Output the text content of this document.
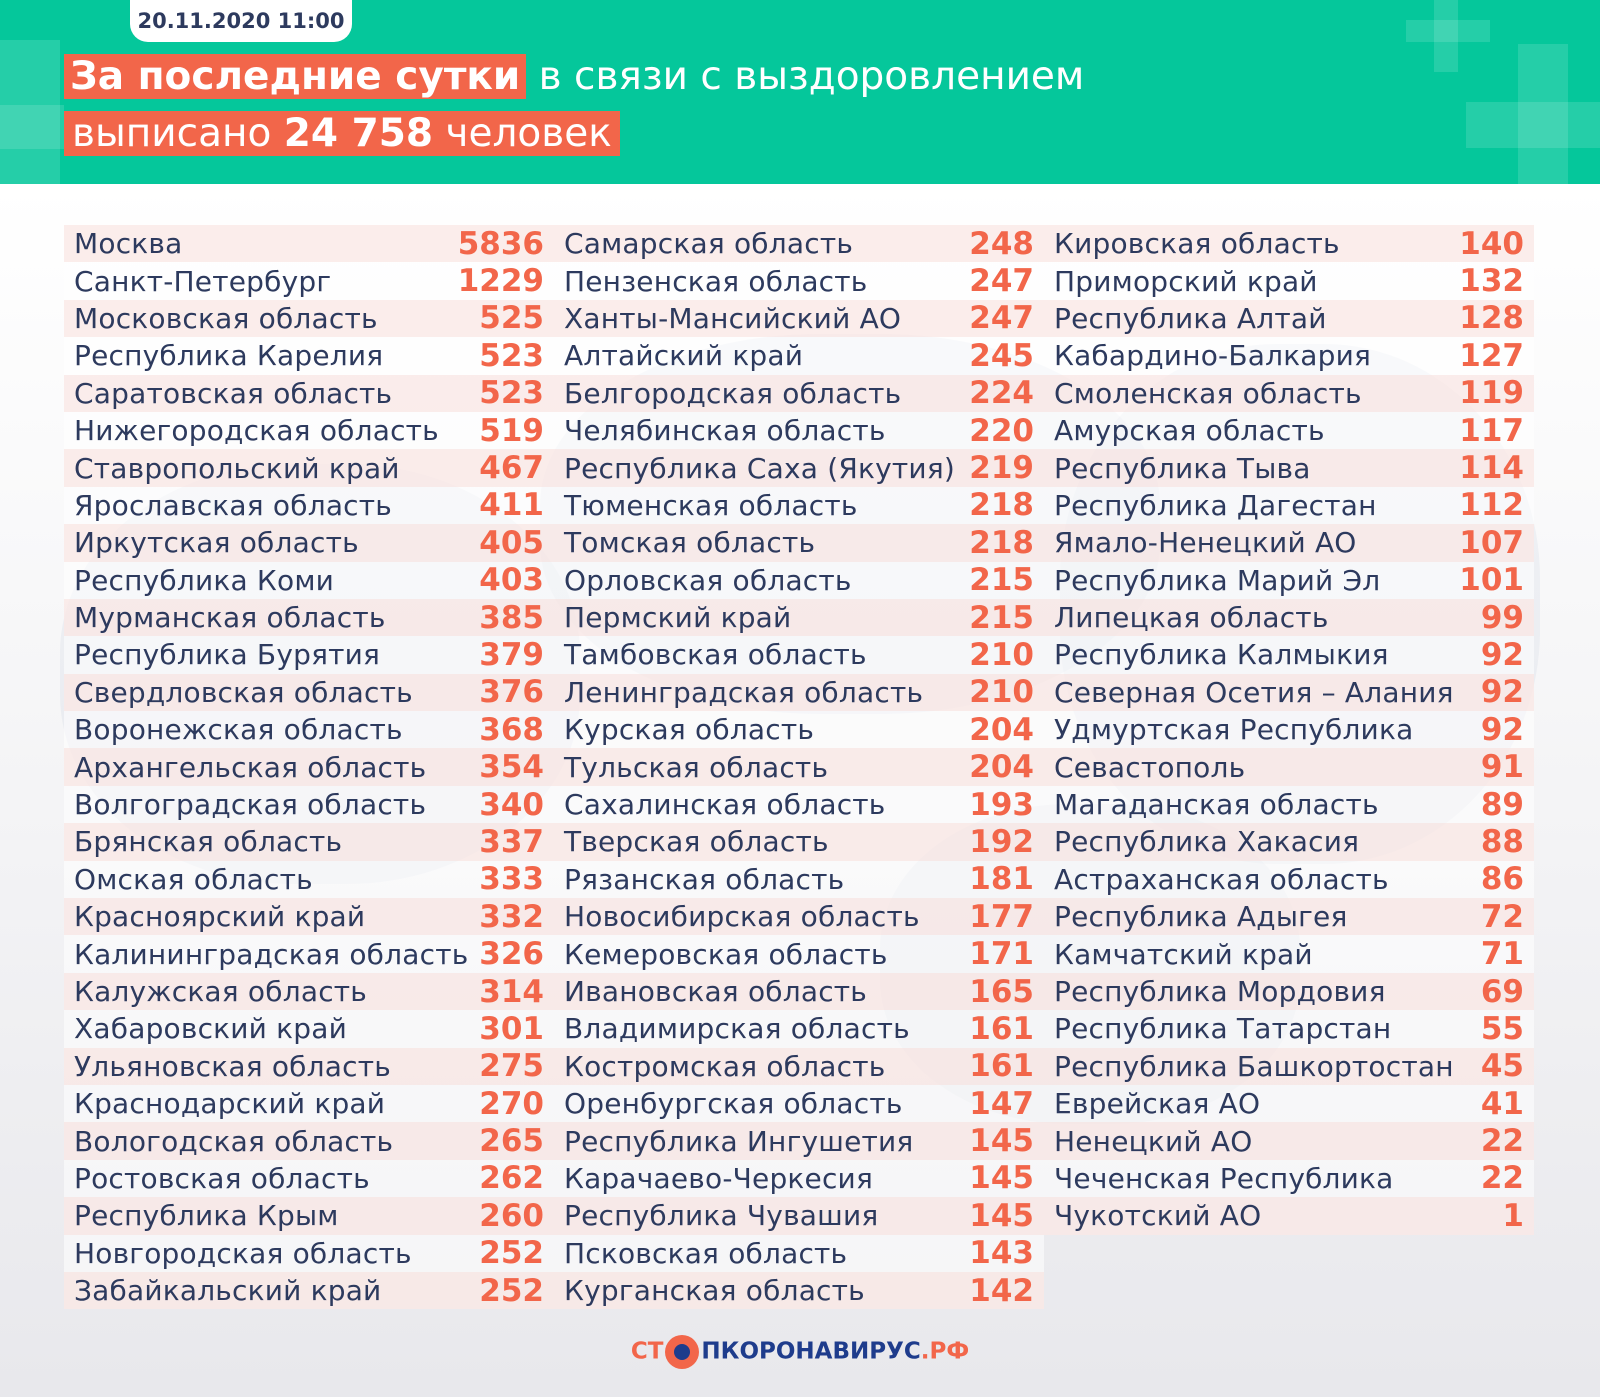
20.11.2020 11:00
За последние сутки в связи с выздоровлением
выписано 24 758 человек
Москва	5836
Санкт-Петербург	1229
Московская область	525
Республика Карелия	523
Саратовская область	523
Нижегородская область 519
Ставропольский край	467
Ярославская область	411
Иркутская область	405
Республика Коми	403
Мурманская область	385
Республика Бурятия	379
Свердловская область 376
Воронежская область 368
Архангельская область 354
Волгоградская область 340
Брянская область	337
Омская область	333
Красноярский край	332
Калининградская область 326
Калужская область	314
Хабаровский край	301
Ульяновская область	275
Краснодарский край	270
Вологодская область	265
Ростовская область	262
Республика Крым	260
Новгородская область 252
Забайкальский край	252
Самарская область	248
Пензенская область	247
Ханты-Мансийский АО 247
Алтайский край	245
Белгородская область 224
Челябинская область	220
Республика Саха (Якутия) 219
Тюменская область	218
Томская область	218
Орловская область	215
Пермский край	215
Тамбовская область	210
Ленинградская область 210
Курская область	204
Тульская область	204
Сахалинская область	193
Тверская область	192
Рязанская область	181
Новосибирская область 177
Кемеровская область	171
Ивановская область	165
Владимирская область 161
Костромская область	161
Оренбургская область 147
Республика Ингушетия 145
Карачаево-Черкесия	145
Республика Чувашия	145
Псковская область	143
Курганская область	142
Кировская область	140
Приморский край	132
Республика Алтай	128
Кабардино-Балкария	127
Смоленская область	119
Амурская область	117
Республика Тыва	114
Республика Дагестан	112
Ямало-Ненецкий АО	107
Республика Марий Эл	101
Липецкая область	99
Республика Калмыкия	92
Северная Осетия – Алания 92
Удмуртская Республика 92
Севастополь	91
Магаданская область	89
Республика Хакасия	88
Астраханская область	86
Республика Адыгея	72
Камчатский край	71
Республика Мордовия	69
Республика Татарстан	55
Республика Башкортостан 45
Еврейская АО	41
Ненецкий АО	22
Чеченская Республика	22
Чукотский АО	1
СТ ПКОРОНАВИРУС.РФ
